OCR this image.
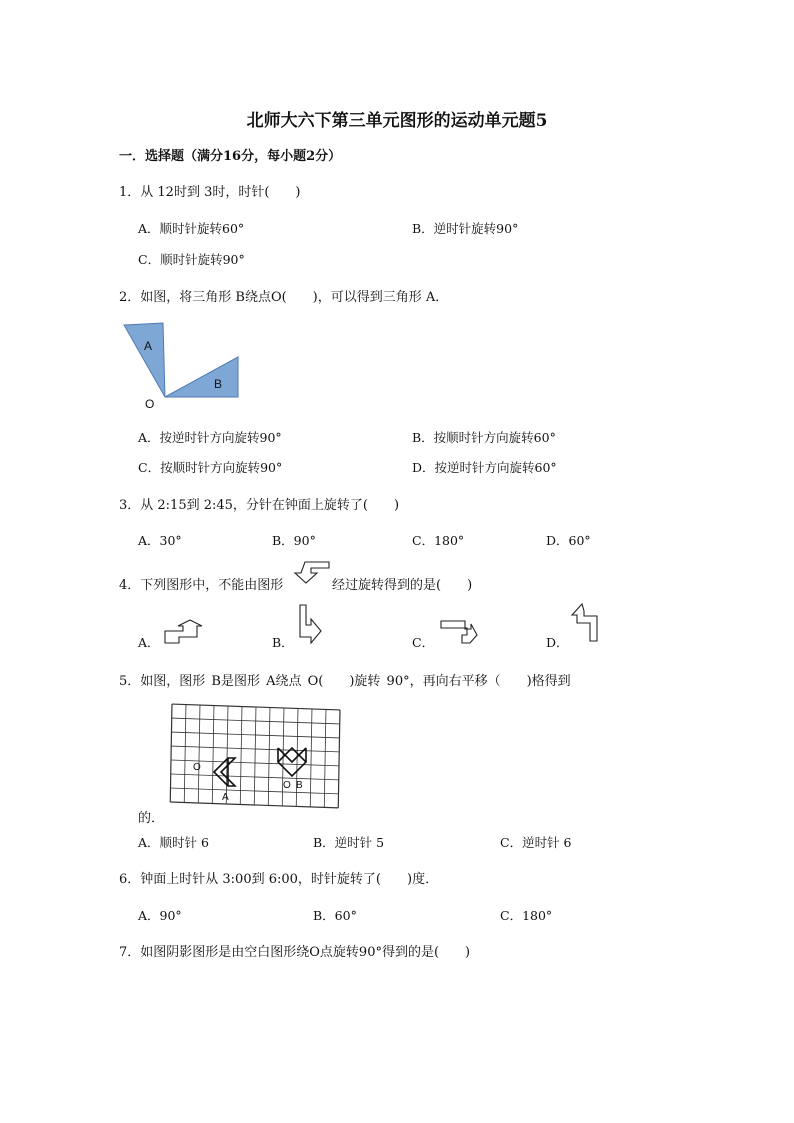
北师大六下第三单元图形的运动单元题5
一．选择题（满分16分，每小题2分）
1．从 12时到 3时，时针(　　)
A．顺时针旋转60°	B．逆时针旋转90°
C．顺时针旋转90°
2．如图，将三角形 B绕点O(　　)，可以得到三角形 A．
A
B
O
A．按逆时针方向旋转90°	B．按顺时针方向旋转60°
C．按顺时针方向旋转90°	D．按逆时针方向旋转60°
3．从 2:15到 2:45，分针在钟面上旋转了(　　)
A．30°	B．90°	C．180°	D．60°
4．下列图形中，不能由图形	经过旋转得到的是(　　)
A．	B．	C．	D．
5．如图，图形 B是图形 A绕点 O(　　)旋转 90°，再向右平移（　　)格得到
O
A
O B
的．
A．顺时针 6	B．逆时针 5	C．逆时针 6
6．钟面上时针从 3:00到 6:00，时针旋转了(　　)度．
A．90°	B．60°	C．180°
7．如图阴影图形是由空白图形绕O点旋转90°得到的是(　　)
